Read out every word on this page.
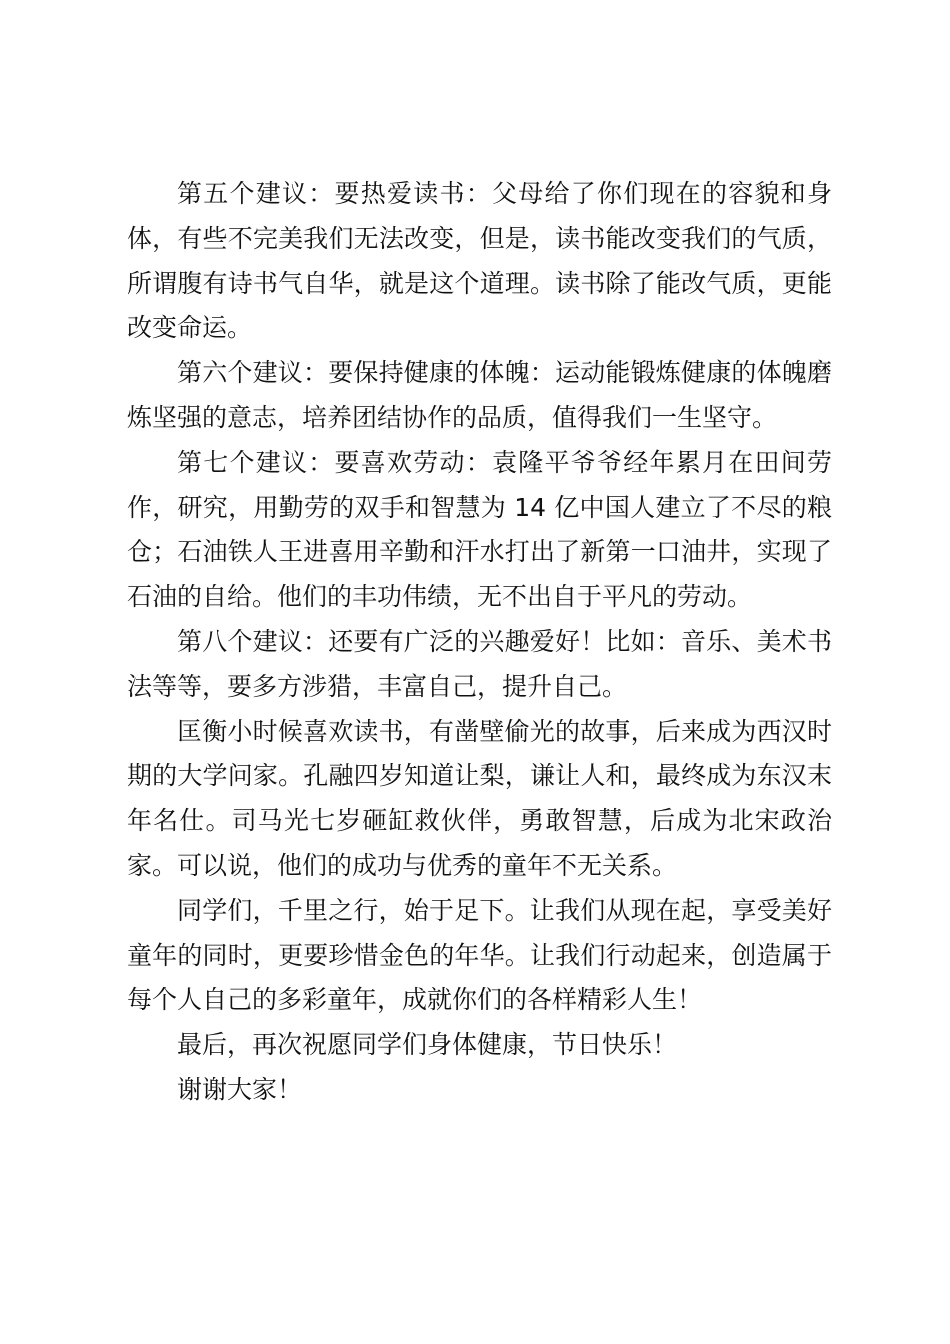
第五个建议：要热爱读书：父母给了你们现在的容貌和身体，有些不完美我们无法改变，但是，读书能改变我们的气质，所谓腹有诗书气自华，就是这个道理。读书除了能改气质，更能改变命运。

第六个建议：要保持健康的体魄：运动能锻炼健康的体魄磨炼坚强的意志，培养团结协作的品质，值得我们一生坚守。

第七个建议：要喜欢劳动：袁隆平爷爷经年累月在田间劳作，研究，用勤劳的双手和智慧为 14 亿中国人建立了不尽的粮仓；石油铁人王进喜用辛勤和汗水打出了新第一口油井，实现了石油的自给。他们的丰功伟绩，无不出自于平凡的劳动。

第八个建议：还要有广泛的兴趣爱好！比如：音乐、美术书法等等，要多方涉猎，丰富自己，提升自己。

匡衡小时候喜欢读书，有凿壁偷光的故事，后来成为西汉时期的大学问家。孔融四岁知道让梨，谦让人和，最终成为东汉末年名仕。司马光七岁砸缸救伙伴，勇敢智慧，后成为北宋政治家。可以说，他们的成功与优秀的童年不无关系。

同学们，千里之行，始于足下。让我们从现在起，享受美好童年的同时，更要珍惜金色的年华。让我们行动起来，创造属于每个人自己的多彩童年，成就你们的各样精彩人生！

最后，再次祝愿同学们身体健康，节日快乐！

谢谢大家！
